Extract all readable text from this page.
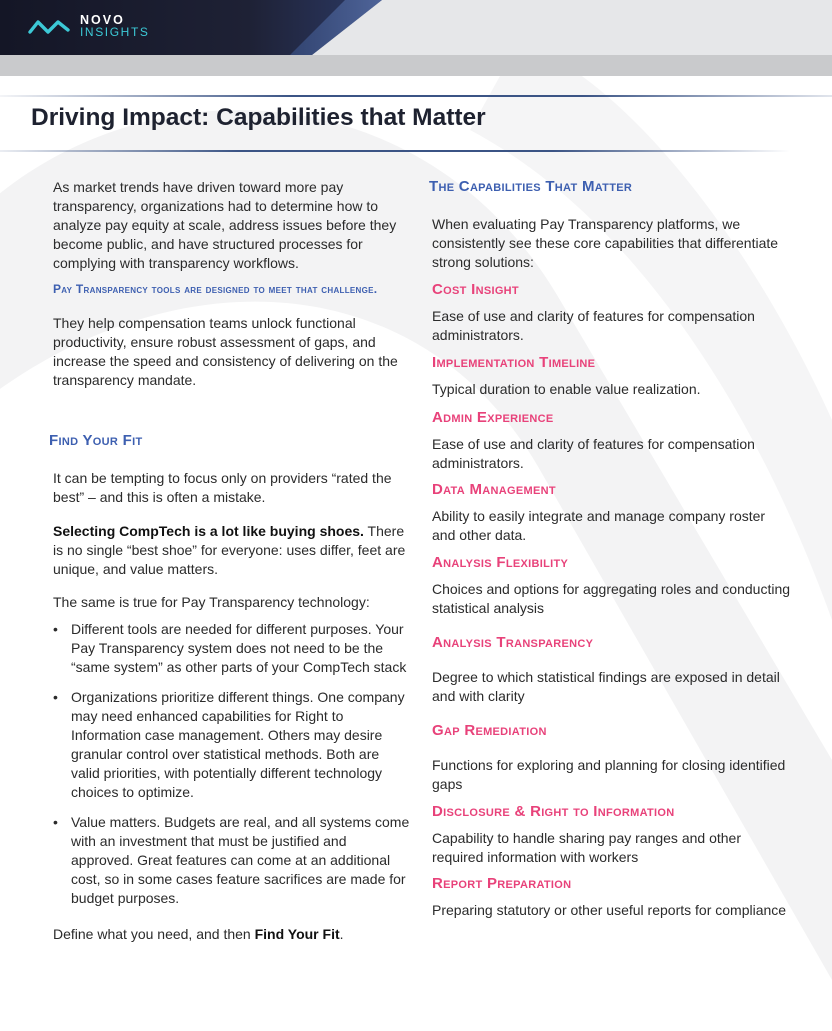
NOVO
INSIGHTS
Driving Impact: Capabilities that Matter

As market trends have driven toward more pay transparency, organizations had to determine how to analyze pay equity at scale, address issues before they become public, and have structured processes for complying with transparency workflows.

Pay Transparency tools are designed to meet that challenge.

They help compensation teams unlock functional productivity, ensure robust assessment of gaps, and increase the speed and consistency of delivering on the transparency mandate.

Find Your Fit

It can be tempting to focus only on providers “rated the best” – and this is often a mistake.

Selecting CompTech is a lot like buying shoes. There is no single “best shoe” for everyone: uses differ, feet are unique, and value matters.

The same is true for Pay Transparency technology:

• Different tools are needed for different purposes. Your Pay Transparency system does not need to be the “same system” as other parts of your CompTech stack
• Organizations prioritize different things. One company may need enhanced capabilities for Right to Information case management. Others may desire granular control over statistical methods. Both are valid priorities, with potentially different technology choices to optimize.
• Value matters. Budgets are real, and all systems come with an investment that must be justified and approved. Great features can come at an additional cost, so in some cases feature sacrifices are made for budget purposes.

Define what you need, and then Find Your Fit.

The Capabilities That Matter

When evaluating Pay Transparency platforms, we consistently see these core capabilities that differentiate strong solutions:

Cost Insight

Ease of use and clarity of features for compensation administrators.

Implementation Timeline

Typical duration to enable value realization.

Admin Experience

Ease of use and clarity of features for compensation administrators.

Data Management

Ability to easily integrate and manage company roster and other data.

Analysis Flexibility

Choices and options for aggregating roles and conducting statistical analysis

Analysis Transparency

Degree to which statistical findings are exposed in detail and with clarity

Gap Remediation

Functions for exploring and planning for closing identified gaps

Disclosure & Right to Information

Capability to handle sharing pay ranges and other required information with workers

Report Preparation

Preparing statutory or other useful reports for compliance
